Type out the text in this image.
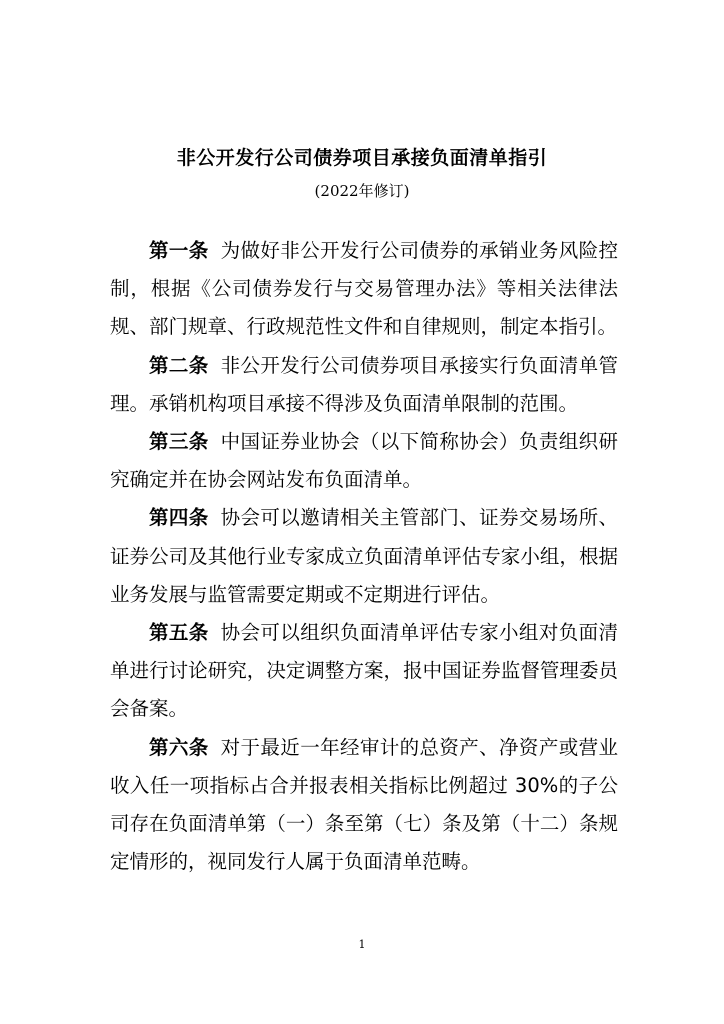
非公开发行公司债券项目承接负面清单指引
(2022年修订)

第一条 为做好非公开发行公司债券的承销业务风险控制，根据《公司债券发行与交易管理办法》等相关法律法规、部门规章、行政规范性文件和自律规则，制定本指引。

第二条 非公开发行公司债券项目承接实行负面清单管理。承销机构项目承接不得涉及负面清单限制的范围。

第三条 中国证券业协会（以下简称协会）负责组织研究确定并在协会网站发布负面清单。

第四条 协会可以邀请相关主管部门、证券交易场所、证券公司及其他行业专家成立负面清单评估专家小组，根据业务发展与监管需要定期或不定期进行评估。

第五条 协会可以组织负面清单评估专家小组对负面清单进行讨论研究，决定调整方案，报中国证券监督管理委员会备案。

第六条 对于最近一年经审计的总资产、净资产或营业收入任一项指标占合并报表相关指标比例超过 30%的子公司存在负面清单第（一）条至第（七）条及第（十二）条规定情形的，视同发行人属于负面清单范畴。

1
